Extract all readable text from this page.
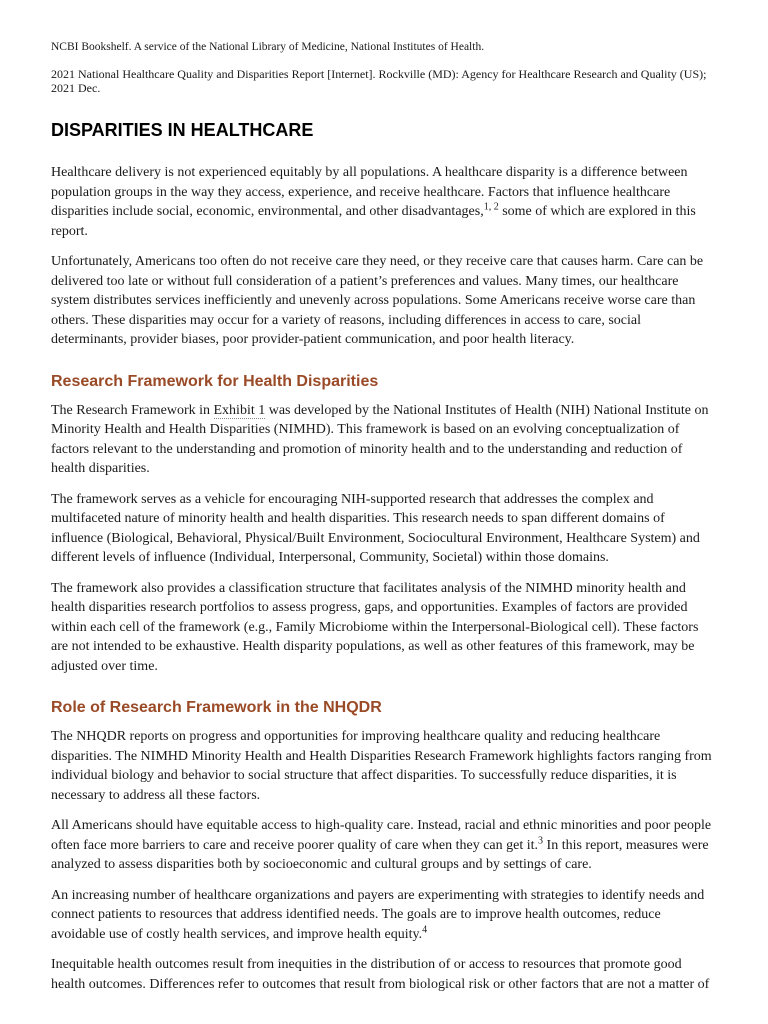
NCBI Bookshelf. A service of the National Library of Medicine, National Institutes of Health.

2021 National Healthcare Quality and Disparities Report [Internet]. Rockville (MD): Agency for Healthcare Research and Quality (US); 2021 Dec.

DISPARITIES IN HEALTHCARE

Healthcare delivery is not experienced equitably by all populations. A healthcare disparity is a difference between population groups in the way they access, experience, and receive healthcare. Factors that influence healthcare disparities include social, economic, environmental, and other disadvantages,$^{1, 2}$ some of which are explored in this report.

Unfortunately, Americans too often do not receive care they need, or they receive care that causes harm. Care can be delivered too late or without full consideration of a patient’s preferences and values. Many times, our healthcare system distributes services inefficiently and unevenly across populations. Some Americans receive worse care than others. These disparities may occur for a variety of reasons, including differences in access to care, social determinants, provider biases, poor provider-patient communication, and poor health literacy.

Research Framework for Health Disparities

The Research Framework in Exhibit 1 was developed by the National Institutes of Health (NIH) National Institute on Minority Health and Health Disparities (NIMHD). This framework is based on an evolving conceptualization of factors relevant to the understanding and promotion of minority health and to the understanding and reduction of health disparities.

The framework serves as a vehicle for encouraging NIH-supported research that addresses the complex and multifaceted nature of minority health and health disparities. This research needs to span different domains of influence (Biological, Behavioral, Physical/Built Environment, Sociocultural Environment, Healthcare System) and different levels of influence (Individual, Interpersonal, Community, Societal) within those domains.

The framework also provides a classification structure that facilitates analysis of the NIMHD minority health and health disparities research portfolios to assess progress, gaps, and opportunities. Examples of factors are provided within each cell of the framework (e.g., Family Microbiome within the Interpersonal-Biological cell). These factors are not intended to be exhaustive. Health disparity populations, as well as other features of this framework, may be adjusted over time.

Role of Research Framework in the NHQDR

The NHQDR reports on progress and opportunities for improving healthcare quality and reducing healthcare disparities. The NIMHD Minority Health and Health Disparities Research Framework highlights factors ranging from individual biology and behavior to social structure that affect disparities. To successfully reduce disparities, it is necessary to address all these factors.

All Americans should have equitable access to high-quality care. Instead, racial and ethnic minorities and poor people often face more barriers to care and receive poorer quality of care when they can get it.$^3$ In this report, measures were analyzed to assess disparities both by socioeconomic and cultural groups and by settings of care.

An increasing number of healthcare organizations and payers are experimenting with strategies to identify needs and connect patients to resources that address identified needs. The goals are to improve health outcomes, reduce avoidable use of costly health services, and improve health equity.$^4$

Inequitable health outcomes result from inequities in the distribution of or access to resources that promote good health outcomes. Differences refer to outcomes that result from biological risk or other factors that are not a matter of
